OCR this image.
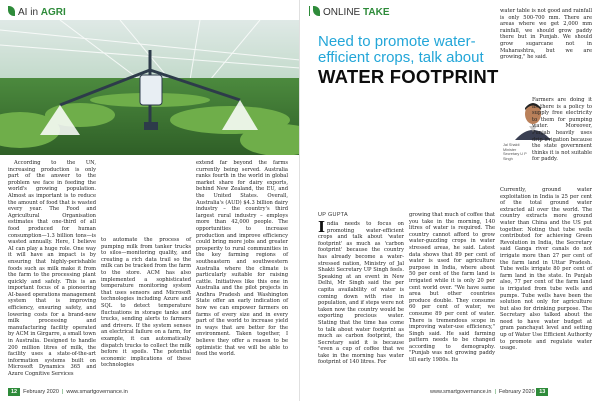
AI in AGRI

According to the UN, increasing production is only part of the answer to the problem we face in feeding the world's growing population. Almost as important is to reduce the amount of food that is wasted every year. The Food and Agricultural Organisation estimates that one-third of all food produced for human consumption—1.3 billion tons—is wasted annually. Here, I believe AI can play a huge role. One way it will have an impact is by ensuring that highly-perishable foods such as milk make it from the farm to the processing plant quickly and safely. This is an important focus of a pioneering AI-based operations management system that is improving efficiency, ensuring safety, and lowering costs for a brand-new milk processing and manufacturing facility operated by ACM in Girgarre, a small town in Australia. Designed to handle 200 million litres of milk, the facility uses a state-of-the-art information systems built on Microsoft Dynamics 365 and Azure Cognitive Services

to automate the process of pumping milk from tanker trucks to silos—monitoring quality, and creating a rich data trail so the milk can be tracked from the farm to the store. ACM has also implemented a sophisticated temperature monitoring system that uses sensors and Microsoft technologies including Azure and SQL to detect temperature fluctuations in storage tanks and trucks, sending alerts to farmers and drivers. If the system senses an electrical failure on a farm, for example, it can automatically dispatch trucks to collect the milk before it spoils. The potential economic implications of these technologies

extend far beyond the farms currently being served. Australia ranks fourth in the world in global market share for dairy exports, behind New Zealand, the EU, and the United States. Overall, Australia's (AUD) $4.3 billion dairy industry – the country's third largest rural industry – employs more than 42,000 people. The opportunities to increase production and improve efficiency could bring more jobs and greater prosperity to rural communities in the key farming regions of southeastern and southwestern Australia where the climate is particularly suitable for raising cattle. Initiatives like this one in Australia and the pilot projects in Andhra Pradesh and Washington State offer an early indication of how we can empower farmers on farms of every size and in every part of the world to increase yield in ways that are better for the environment. Taken together, I believe they offer a reason to be optimistic that we will be able to feed the world.

12 February 2020 | www.smartgovernance.in
ONLINE TAKE
Need to promote water-efficient crops, talk about
WATER FOOTPRINT

water table is not good and rainfall is only 500-700 mm. There are areas where we get 2,000 mm rainfall, we should grow paddy there but in Punjab. We should grow sugarcane not in Maharashtra, but we are growing," he said.

Jal Shakti Minister Secretary U P Singh

Farmers are doing it as there is a policy to supply free electricity to them for pumping water. Moreover, Punjab heavily uses drip irrigation because the state government thinks it is not suitable for paddy.

UP GUPTA

India needs to focus on promoting water-efficient crops and talk about 'water footprint' as much as 'carbon footprint' because the country has already become a water-stressed nation, Ministry of Jal Shakti Secretary UP Singh feels. Speaking at an event in New Delhi, Mr Singh said the per capita availability of water is coming down with rise in population, and if steps were not taken now the country would be exporting precious water. Stating that the time has come to talk about water footprint as much as carbon footprint, the Secretary said it is because "even a cup of coffee that we take in the morning has water footprint of 140 litres. For

growing that much of coffee that you take in the morning, 140 litres of water is required. The country cannot afford to grow water-guzzling crops in water stressed areas, he said. Latest data shows that 89 per cent of water is used for agriculture purpose in India, where about 50 per cent of the farm land is irrigated while it is only 20 per cent world over. "We have same area but other countries produce double. They consume 60 per cent of water, we consume 89 per cent of water. There is tremendous scope in improving water-use efficiency," Singh said. He said farming pattern needs to be changed according to demography. "Punjab was not growing paddy till early 1980s. Its

Currently, ground water exploitation in India is 25 per cent of the total ground water extracted all over the world. The country extracts more ground water than China and the US put together. Noting that tube wells contributed for achieving Green Revolution in India, the Secretary said Ganga river canals do not irrigate more than 27 per cent of the farm land in Uttar Pradesh. Tube wells irrigate 80 per cent of farm land in the state. In Punjab also, 77 per cent of the farm land is irrigated from tube wells and pumps. Tube wells have been the solution not only for agriculture but also for drinking purpose. The Secretary also talked about the need to have water budget at gram panchayat level and setting up of Water Use Efficient Authority to promote and regulate water usage.

www.smartgovernance.in | February 2020 13
